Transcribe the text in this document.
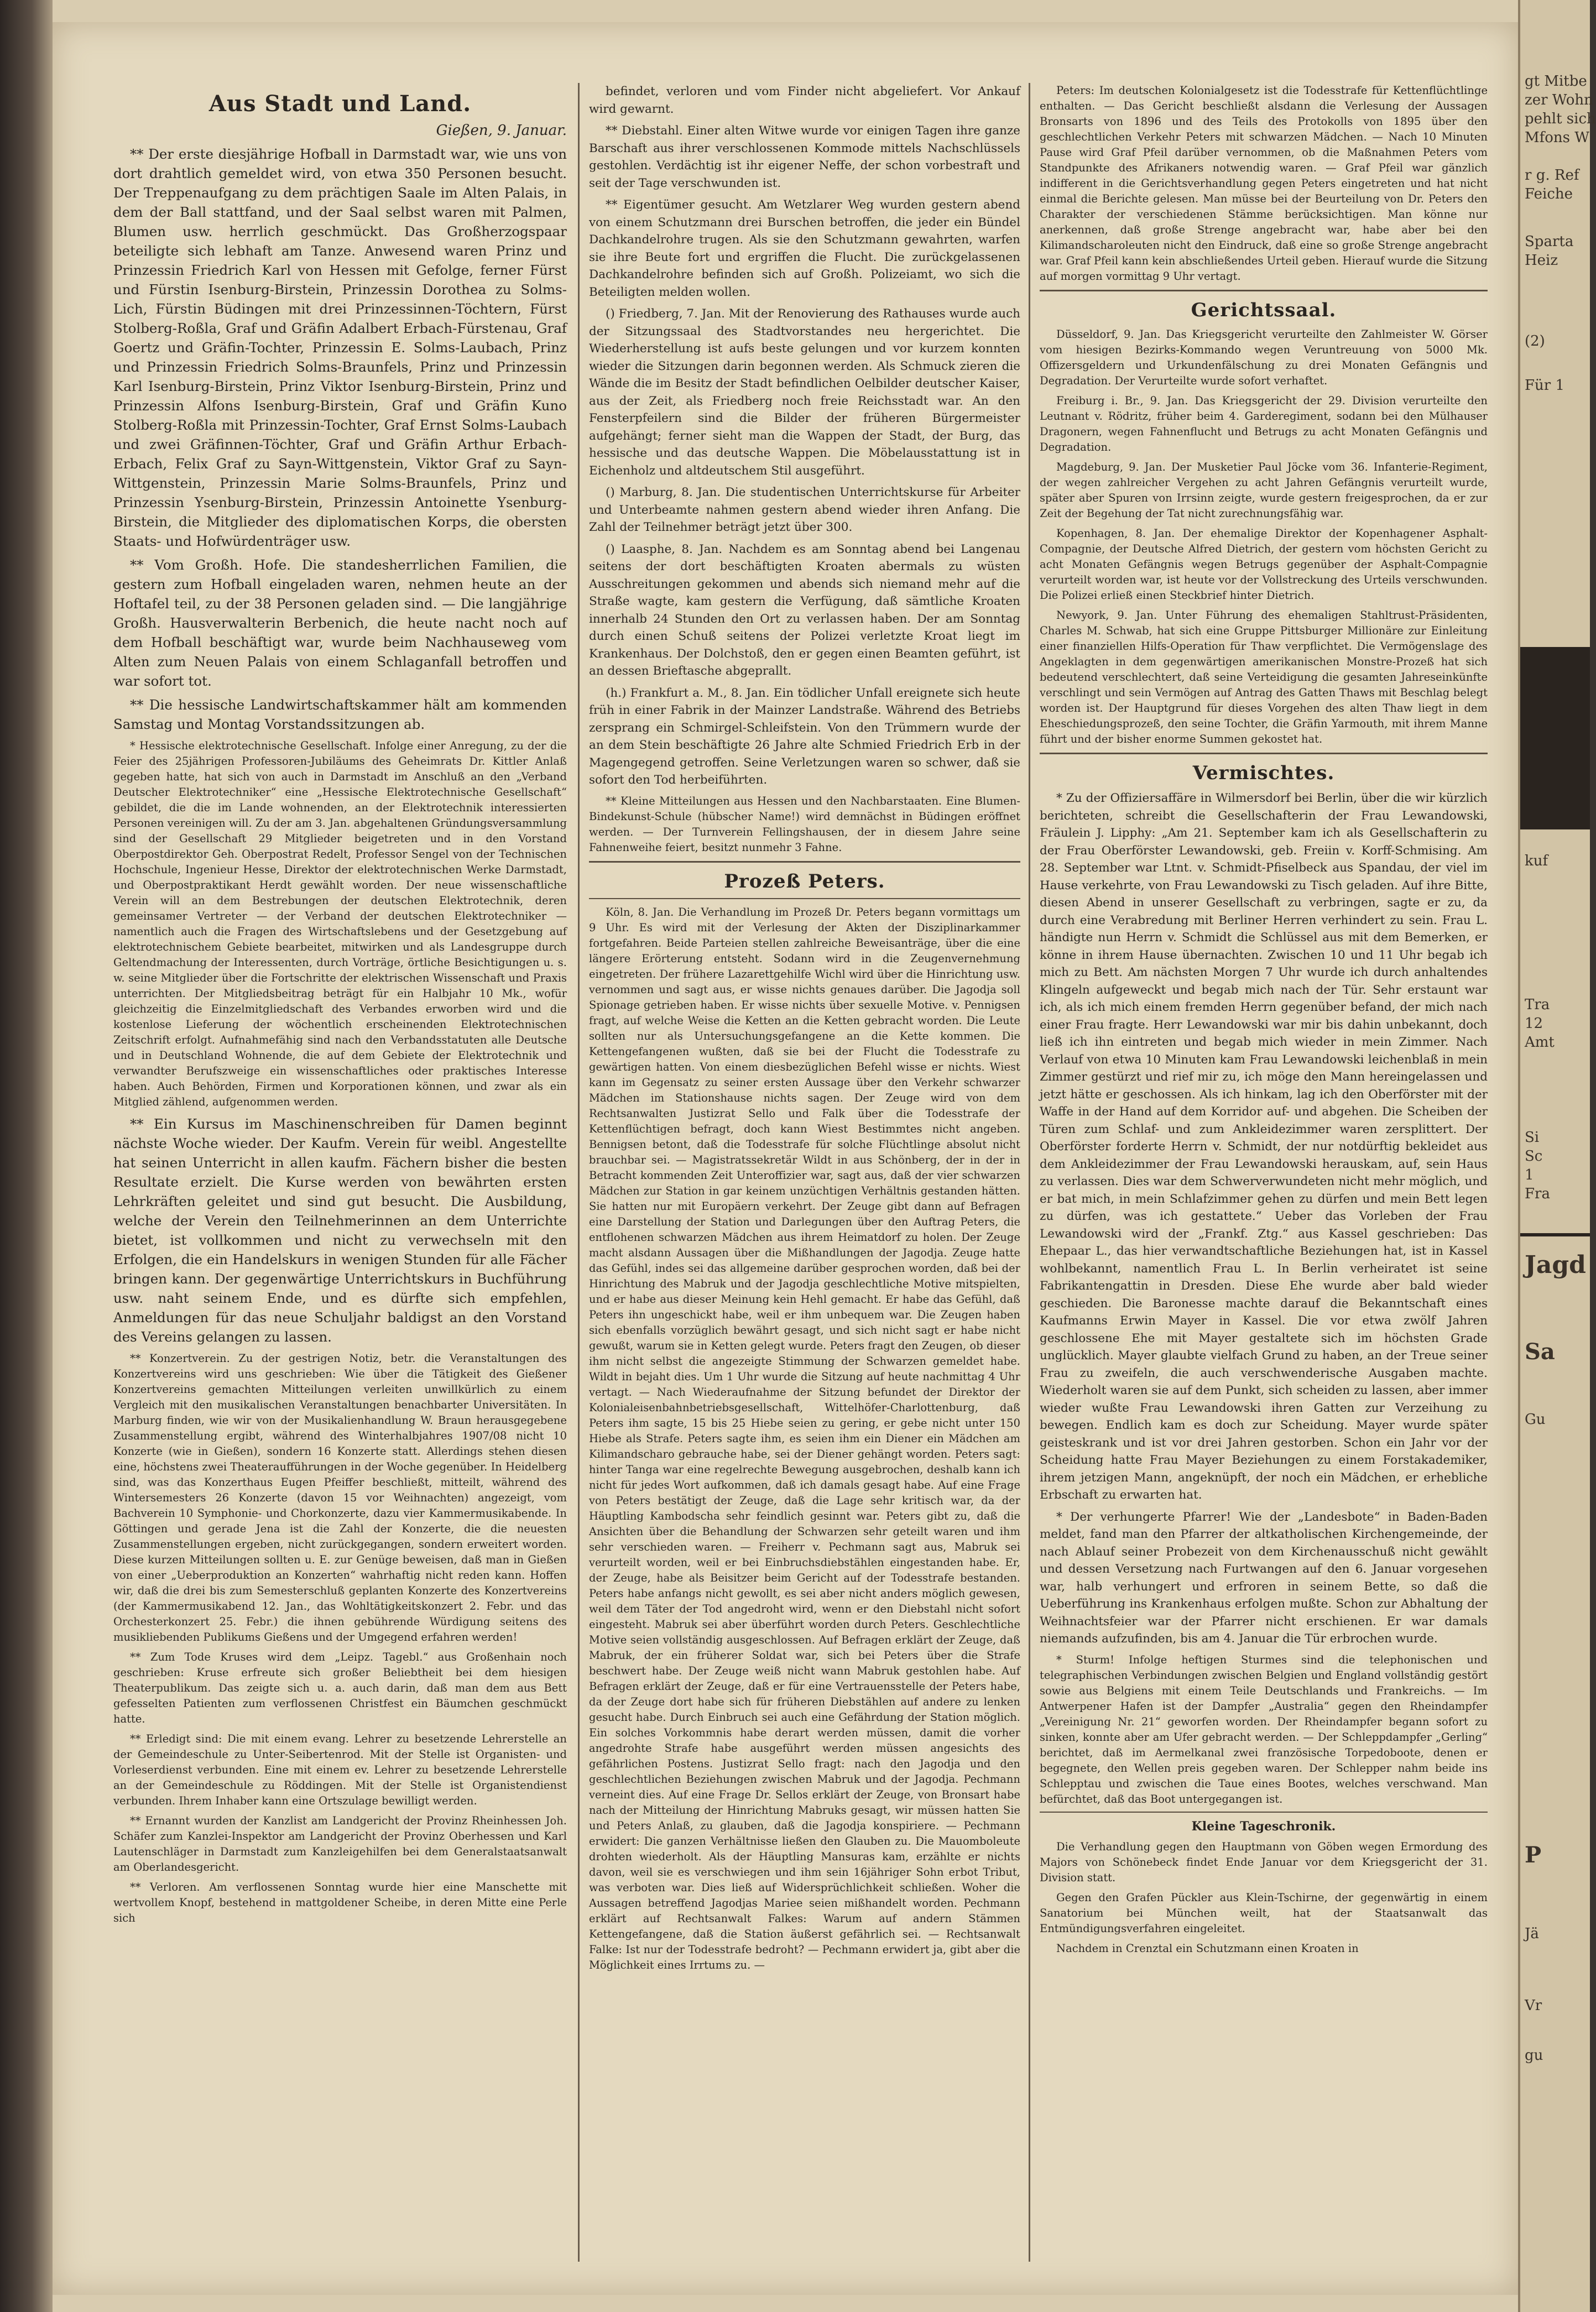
Aus Stadt und Land.
Gießen, 9. Januar.

** Der erste diesjährige Hofball in Darmstadt war, wie uns von dort drahtlich gemeldet wird, von etwa 350 Personen besucht. Der Treppenaufgang zu dem prächtigen Saale im Alten Palais, in dem der Ball stattfand, und der Saal selbst waren mit Palmen, Blumen usw. herrlich geschmückt. Das Großherzogspaar beteiligte sich lebhaft am Tanze. Anwesend waren Prinz und Prinzessin Friedrich Karl von Hessen mit Gefolge, ferner Fürst und Fürstin Isenburg-Birstein, Prinzessin Dorothea zu Solms-Lich, Fürstin Büdingen mit drei Prinzessinnen-Töchtern, Fürst Stolberg-Roßla, Graf und Gräfin Adalbert Erbach-Fürstenau, Graf Goertz und Gräfin-Tochter, Prinzessin E. Solms-Laubach, Prinz und Prinzessin Friedrich Solms-Braunfels, Prinz und Prinzessin Karl Isenburg-Birstein, Prinz Viktor Isenburg-Birstein, Prinz und Prinzessin Alfons Isenburg-Birstein, Graf und Gräfin Kuno Stolberg-Roßla mit Prinzessin-Tochter, Graf Ernst Solms-Laubach und zwei Gräfinnen-Töchter, Graf und Gräfin Arthur Erbach-Erbach, Felix Graf zu Sayn-Wittgenstein, Viktor Graf zu Sayn-Wittgenstein, Prinzessin Marie Solms-Braunfels, Prinz und Prinzessin Ysenburg-Birstein, Prinzessin Antoinette Ysenburg-Birstein, die Mitglieder des diplomatischen Korps, die obersten Staats- und Hofwürdenträger usw.

** Vom Großh. Hofe. Die standesherrlichen Familien, die gestern zum Hofball eingeladen waren, nehmen heute an der Hoftafel teil, zu der 38 Personen geladen sind. — Die langjährige Großh. Hausverwalterin Berbenich, die heute nacht noch auf dem Hofball beschäftigt war, wurde beim Nachhauseweg vom Alten zum Neuen Palais von einem Schlaganfall betroffen und war sofort tot.

** Die hessische Landwirtschaftskammer hält am kommenden Samstag und Montag Vorstandssitzungen ab.

* Hessische elektrotechnische Gesellschaft. Infolge einer Anregung, zu der die Feier des 25jährigen Professoren-Jubiläums des Geheimrats Dr. Kittler Anlaß gegeben hatte, hat sich von auch in Darmstadt im Anschluß an den „Verband Deutscher Elektrotechniker“ eine „Hessische Elektrotechnische Gesellschaft“ gebildet, die die im Lande wohnenden, an der Elektrotechnik interessierten Personen vereinigen will. Zu der am 3. Jan. abgehaltenen Gründungsversammlung sind der Gesellschaft 29 Mitglieder beigetreten und in den Vorstand Oberpostdirektor Geh. Oberpostrat Redelt, Professor Sengel von der Technischen Hochschule, Ingenieur Hesse, Direktor der elektrotechnischen Werke Darmstadt, und Oberpostpraktikant Herdt gewählt worden. Der neue wissenschaftliche Verein will an dem Bestrebungen der deutschen Elektrotechnik, deren gemeinsamer Vertreter — der Verband der deutschen Elektrotechniker — namentlich auch die Fragen des Wirtschaftslebens und der Gesetzgebung auf elektrotechnischem Gebiete bearbeitet, mitwirken und als Landesgruppe durch Geltendmachung der Interessenten, durch Vorträge, örtliche Besichtigungen u. s. w. seine Mitglieder über die Fortschritte der elektrischen Wissenschaft und Praxis unterrichten. Der Mitgliedsbeitrag beträgt für ein Halbjahr 10 Mk., wofür gleichzeitig die Einzelmitgliedschaft des Verbandes erworben wird und die kostenlose Lieferung der wöchentlich erscheinenden Elektrotechnischen Zeitschrift erfolgt. Aufnahmefähig sind nach den Verbandsstatuten alle Deutsche und in Deutschland Wohnende, die auf dem Gebiete der Elektrotechnik und verwandter Berufszweige ein wissenschaftliches oder praktisches Interesse haben. Auch Behörden, Firmen und Korporationen können, und zwar als ein Mitglied zählend, aufgenommen werden.

** Ein Kursus im Maschinenschreiben für Damen beginnt nächste Woche wieder. Der Kaufm. Verein für weibl. Angestellte hat seinen Unterricht in allen kaufm. Fächern bisher die besten Resultate erzielt. Die Kurse werden von bewährten ersten Lehrkräften geleitet und sind gut besucht. Die Ausbildung, welche der Verein den Teilnehmerinnen an dem Unterrichte bietet, ist vollkommen und nicht zu verwechseln mit den Erfolgen, die ein Handelskurs in wenigen Stunden für alle Fächer bringen kann. Der gegenwärtige Unterrichtskurs in Buchführung usw. naht seinem Ende, und es dürfte sich empfehlen, Anmeldungen für das neue Schuljahr baldigst an den Vorstand des Vereins gelangen zu lassen.

** Konzertverein. Zu der gestrigen Notiz, betr. die Veranstaltungen des Konzertvereins wird uns geschrieben: Wie über die Tätigkeit des Gießener Konzertvereins gemachten Mitteilungen verleiten unwillkürlich zu einem Vergleich mit den musikalischen Veranstaltungen benachbarter Universitäten. In Marburg finden, wie wir von der Musikalienhandlung W. Braun herausgegebene Zusammenstellung ergibt, während des Winterhalbjahres 1907/08 nicht 10 Konzerte (wie in Gießen), sondern 16 Konzerte statt. Allerdings stehen diesen eine, höchstens zwei Theateraufführungen in der Woche gegenüber. In Heidelberg sind, was das Konzerthaus Eugen Pfeiffer beschließt, mitteilt, während des Wintersemesters 26 Konzerte (davon 15 vor Weihnachten) angezeigt, vom Bachverein 10 Symphonie- und Chorkonzerte, dazu vier Kammermusikabende. In Göttingen und gerade Jena ist die Zahl der Konzerte, die die neuesten Zusammenstellungen ergeben, nicht zurückgegangen, sondern erweitert worden. Diese kurzen Mitteilungen sollten u. E. zur Genüge beweisen, daß man in Gießen von einer „Ueberproduktion an Konzerten“ wahrhaftig nicht reden kann. Hoffen wir, daß die drei bis zum Semesterschluß geplanten Konzerte des Konzertvereins (der Kammermusikabend 12. Jan., das Wohltätigkeitskonzert 2. Febr. und das Orchesterkonzert 25. Febr.) die ihnen gebührende Würdigung seitens des musikliebenden Publikums Gießens und der Umgegend erfahren werden!

** Zum Tode Kruses wird dem „Leipz. Tagebl.“ aus Großenhain noch geschrieben: Kruse erfreute sich großer Beliebtheit bei dem hiesigen Theaterpublikum. Das zeigte sich u. a. auch darin, daß man dem aus Bett gefesselten Patienten zum verflossenen Christfest ein Bäumchen geschmückt hatte.

** Erledigt sind: Die mit einem evang. Lehrer zu besetzende Lehrerstelle an der Gemeindeschule zu Unter-Seibertenrod. Mit der Stelle ist Organisten- und Vorleserdienst verbunden. Eine mit einem ev. Lehrer zu besetzende Lehrerstelle an der Gemeindeschule zu Röddingen. Mit der Stelle ist Organistendienst verbunden. Ihrem Inhaber kann eine Ortszulage bewilligt werden.

** Ernannt wurden der Kanzlist am Landgericht der Provinz Rheinhessen Joh. Schäfer zum Kanzlei-Inspektor am Landgericht der Provinz Oberhessen und Karl Lautenschläger in Darmstadt zum Kanzleigehilfen bei dem Generalstaatsanwalt am Oberlandesgericht.

** Verloren. Am verflossenen Sonntag wurde hier eine Manschette mit wertvollem Knopf, bestehend in mattgoldener Scheibe, in deren Mitte eine Perle sich

befindet, verloren und vom Finder nicht abgeliefert. Vor Ankauf wird gewarnt.

** Diebstahl. Einer alten Witwe wurde vor einigen Tagen ihre ganze Barschaft aus ihrer verschlossenen Kommode mittels Nachschlüssels gestohlen. Verdächtig ist ihr eigener Neffe, der schon vorbestraft und seit der Tage verschwunden ist.

** Eigentümer gesucht. Am Wetzlarer Weg wurden gestern abend von einem Schutzmann drei Burschen betroffen, die jeder ein Bündel Dachkandelrohre trugen. Als sie den Schutzmann gewahrten, warfen sie ihre Beute fort und ergriffen die Flucht. Die zurückgelassenen Dachkandelrohre befinden sich auf Großh. Polizeiamt, wo sich die Beteiligten melden wollen.

() Friedberg, 7. Jan. Mit der Renovierung des Rathauses wurde auch der Sitzungssaal des Stadtvorstandes neu hergerichtet. Die Wiederherstellung ist aufs beste gelungen und vor kurzem konnten wieder die Sitzungen darin begonnen werden. Als Schmuck zieren die Wände die im Besitz der Stadt befindlichen Oelbilder deutscher Kaiser, aus der Zeit, als Friedberg noch freie Reichsstadt war. An den Fensterpfeilern sind die Bilder der früheren Bürgermeister aufgehängt; ferner sieht man die Wappen der Stadt, der Burg, das hessische und das deutsche Wappen. Die Möbelausstattung ist in Eichenholz und altdeutschem Stil ausgeführt.

() Marburg, 8. Jan. Die studentischen Unterrichtskurse für Arbeiter und Unterbeamte nahmen gestern abend wieder ihren Anfang. Die Zahl der Teilnehmer beträgt jetzt über 300.

() Laasphe, 8. Jan. Nachdem es am Sonntag abend bei Langenau seitens der dort beschäftigten Kroaten abermals zu wüsten Ausschreitungen gekommen und abends sich niemand mehr auf die Straße wagte, kam gestern die Verfügung, daß sämtliche Kroaten innerhalb 24 Stunden den Ort zu verlassen haben. Der am Sonntag durch einen Schuß seitens der Polizei verletzte Kroat liegt im Krankenhaus. Der Dolchstoß, den er gegen einen Beamten geführt, ist an dessen Brieftasche abgeprallt.

(h.) Frankfurt a. M., 8. Jan. Ein tödlicher Unfall ereignete sich heute früh in einer Fabrik in der Mainzer Landstraße. Während des Betriebs zersprang ein Schmirgel-Schleifstein. Von den Trümmern wurde der an dem Stein beschäftigte 26 Jahre alte Schmied Friedrich Erb in der Magengegend getroffen. Seine Verletzungen waren so schwer, daß sie sofort den Tod herbeiführten.

** Kleine Mitteilungen aus Hessen und den Nachbarstaaten. Eine Blumen-Bindekunst-Schule (hübscher Name!) wird demnächst in Büdingen eröffnet werden. — Der Turnverein Fellingshausen, der in diesem Jahre seine Fahnenweihe feiert, besitzt nunmehr 3 Fahne.

Prozeß Peters.

Köln, 8. Jan. Die Verhandlung im Prozeß Dr. Peters begann vormittags um 9 Uhr. Es wird mit der Verlesung der Akten der Disziplinarkammer fortgefahren. Beide Parteien stellen zahlreiche Beweisanträge, über die eine längere Erörterung entsteht. Sodann wird in die Zeugenvernehmung eingetreten. Der frühere Lazarettgehilfe Wichl wird über die Hinrichtung usw. vernommen und sagt aus, er wisse nichts genaues darüber. Die Jagodja soll Spionage getrieben haben. Er wisse nichts über sexuelle Motive. v. Pennigsen fragt, auf welche Weise die Ketten an die Ketten gebracht worden. Die Leute sollten nur als Untersuchungsgefangene an die Kette kommen. Die Kettengefangenen wußten, daß sie bei der Flucht die Todesstrafe zu gewärtigen hatten. Von einem diesbezüglichen Befehl wisse er nichts. Wiest kann im Gegensatz zu seiner ersten Aussage über den Verkehr schwarzer Mädchen im Stationshause nichts sagen. Der Zeuge wird von dem Rechtsanwalten Justizrat Sello und Falk über die Todesstrafe der Kettenflüchtigen befragt, doch kann Wiest Bestimmtes nicht angeben. Bennigsen betont, daß die Todesstrafe für solche Flüchtlinge absolut nicht brauchbar sei. — Magistratssekretär Wildt in aus Schönberg, der in der in Betracht kommenden Zeit Unteroffizier war, sagt aus, daß der vier schwarzen Mädchen zur Station in gar keinem unzüchtigen Verhältnis gestanden hätten. Sie hatten nur mit Europäern verkehrt. Der Zeuge gibt dann auf Befragen eine Darstellung der Station und Darlegungen über den Auftrag Peters, die entflohenen schwarzen Mädchen aus ihrem Heimatdorf zu holen. Der Zeuge macht alsdann Aussagen über die Mißhandlungen der Jagodja. Zeuge hatte das Gefühl, indes sei das allgemeine darüber gesprochen worden, daß bei der Hinrichtung des Mabruk und der Jagodja geschlechtliche Motive mitspielten, und er habe aus dieser Meinung kein Hehl gemacht. Er habe das Gefühl, daß Peters ihn ungeschickt habe, weil er ihm unbequem war. Die Zeugen haben sich ebenfalls vorzüglich bewährt gesagt, und sich nicht sagt er habe nicht gewußt, warum sie in Ketten gelegt wurde. Peters fragt den Zeugen, ob dieser ihm nicht selbst die angezeigte Stimmung der Schwarzen gemeldet habe. Wildt in bejaht dies. Um 1 Uhr wurde die Sitzung auf heute nachmittag 4 Uhr vertagt. — Nach Wiederaufnahme der Sitzung befundet der Direktor der Kolonialeisenbahnbetriebsgesellschaft, Wittelhöfer-Charlottenburg, daß Peters ihm sagte, 15 bis 25 Hiebe seien zu gering, er gebe nicht unter 150 Hiebe als Strafe. Peters sagte ihm, es seien ihm ein Diener ein Mädchen am Kilimandscharo gebrauche habe, sei der Diener gehängt worden. Peters sagt: hinter Tanga war eine regelrechte Bewegung ausgebrochen, deshalb kann ich nicht für jedes Wort aufkommen, daß ich damals gesagt habe. Auf eine Frage von Peters bestätigt der Zeuge, daß die Lage sehr kritisch war, da der Häuptling Kambodscha sehr feindlich gesinnt war. Peters gibt zu, daß die Ansichten über die Behandlung der Schwarzen sehr geteilt waren und ihm sehr verschieden waren. — Freiherr v. Pechmann sagt aus, Mabruk sei verurteilt worden, weil er bei Einbruchsdiebstählen eingestanden habe. Er, der Zeuge, habe als Beisitzer beim Gericht auf der Todesstrafe bestanden. Peters habe anfangs nicht gewollt, es sei aber nicht anders möglich gewesen, weil dem Täter der Tod angedroht wird, wenn er den Diebstahl nicht sofort eingesteht. Mabruk sei aber überführt worden durch Peters. Geschlechtliche Motive seien vollständig ausgeschlossen. Auf Befragen erklärt der Zeuge, daß Mabruk, der ein früherer Soldat war, sich bei Peters über die Strafe beschwert habe. Der Zeuge weiß nicht wann Mabruk gestohlen habe. Auf Befragen erklärt der Zeuge, daß er für eine Vertrauensstelle der Peters habe, da der Zeuge dort habe sich für früheren Diebstählen auf andere zu lenken gesucht habe. Durch Einbruch sei auch eine Gefährdung der Station möglich. Ein solches Vorkommnis habe derart werden müssen, damit die vorher angedrohte Strafe habe ausgeführt werden müssen angesichts des gefährlichen Postens. Justizrat Sello fragt: nach den Jagodja und den geschlechtlichen Beziehungen zwischen Mabruk und der Jagodja. Pechmann verneint dies. Auf eine Frage Dr. Sellos erklärt der Zeuge, von Bronsart habe nach der Mitteilung der Hinrichtung Mabruks gesagt, wir müssen hatten Sie und Peters Anlaß, zu glauben, daß die Jagodja konspiriere. — Pechmann erwidert: Die ganzen Verhältnisse ließen den Glauben zu. Die Mauomboleute drohten wiederholt. Als der Häuptling Mansuras kam, erzählte er nichts davon, weil sie es verschwiegen und ihm sein 16jähriger Sohn erbot Tribut, was verboten war. Dies ließ auf Widersprüchlichkeit schließen. Woher die Aussagen betreffend Jagodjas Mariee seien mißhandelt worden. Pechmann erklärt auf Rechtsanwalt Falkes: Warum auf andern Stämmen Kettengefangene, daß die Station äußerst gefährlich sei. — Rechtsanwalt Falke: Ist nur der Todesstrafe bedroht? — Pechmann erwidert ja, gibt aber die Möglichkeit eines Irrtums zu. —

Peters: Im deutschen Kolonialgesetz ist die Todesstrafe für Kettenflüchtlinge enthalten. — Das Gericht beschließt alsdann die Verlesung der Aussagen Bronsarts von 1896 und des Teils des Protokolls von 1895 über den geschlechtlichen Verkehr Peters mit schwarzen Mädchen. — Nach 10 Minuten Pause wird Graf Pfeil darüber vernommen, ob die Maßnahmen Peters vom Standpunkte des Afrikaners notwendig waren. — Graf Pfeil war gänzlich indifferent in die Gerichtsverhandlung gegen Peters eingetreten und hat nicht einmal die Berichte gelesen. Man müsse bei der Beurteilung von Dr. Peters den Charakter der verschiedenen Stämme berücksichtigen. Man könne nur anerkennen, daß große Strenge angebracht war, habe aber bei den Kilimandscharoleuten nicht den Eindruck, daß eine so große Strenge angebracht war. Graf Pfeil kann kein abschließendes Urteil geben. Hierauf wurde die Sitzung auf morgen vormittag 9 Uhr vertagt.

Gerichtssaal.

Düsseldorf, 9. Jan. Das Kriegsgericht verurteilte den Zahlmeister W. Görser vom hiesigen Bezirks-Kommando wegen Veruntreuung von 5000 Mk. Offizersgeldern und Urkundenfälschung zu drei Monaten Gefängnis und Degradation. Der Verurteilte wurde sofort verhaftet.

Freiburg i. Br., 9. Jan. Das Kriegsgericht der 29. Division verurteilte den Leutnant v. Rödritz, früher beim 4. Garderegiment, sodann bei den Mülhauser Dragonern, wegen Fahnenflucht und Betrugs zu acht Monaten Gefängnis und Degradation.

Magdeburg, 9. Jan. Der Musketier Paul Jöcke vom 36. Infanterie-Regiment, der wegen zahlreicher Vergehen zu acht Jahren Gefängnis verurteilt wurde, später aber Spuren von Irrsinn zeigte, wurde gestern freigesprochen, da er zur Zeit der Begehung der Tat nicht zurechnungsfähig war.

Kopenhagen, 8. Jan. Der ehemalige Direktor der Kopenhagener Asphalt-Compagnie, der Deutsche Alfred Dietrich, der gestern vom höchsten Gericht zu acht Monaten Gefängnis wegen Betrugs gegenüber der Asphalt-Compagnie verurteilt worden war, ist heute vor der Vollstreckung des Urteils verschwunden. Die Polizei erließ einen Steckbrief hinter Dietrich.

Newyork, 9. Jan. Unter Führung des ehemaligen Stahltrust-Präsidenten, Charles M. Schwab, hat sich eine Gruppe Pittsburger Millionäre zur Einleitung einer finanziellen Hilfs-Operation für Thaw verpflichtet. Die Vermögenslage des Angeklagten in dem gegenwärtigen amerikanischen Monstre-Prozeß hat sich bedeutend verschlechtert, daß seine Verteidigung die gesamten Jahreseinkünfte verschlingt und sein Vermögen auf Antrag des Gatten Thaws mit Beschlag belegt worden ist. Der Hauptgrund für dieses Vorgehen des alten Thaw liegt in dem Eheschiedungsprozeß, den seine Tochter, die Gräfin Yarmouth, mit ihrem Manne führt und der bisher enorme Summen gekostet hat.

Vermischtes.

* Zu der Offiziersaffäre in Wilmersdorf bei Berlin, über die wir kürzlich berichteten, schreibt die Gesellschafterin der Frau Lewandowski, Fräulein J. Lipphy: „Am 21. September kam ich als Gesellschafterin zu der Frau Oberförster Lewandowski, geb. Freiin v. Korff-Schmising. Am 28. September war Ltnt. v. Schmidt-Pfiselbeck aus Spandau, der viel im Hause verkehrte, von Frau Lewandowski zu Tisch geladen. Auf ihre Bitte, diesen Abend in unserer Gesellschaft zu verbringen, sagte er zu, da durch eine Verabredung mit Berliner Herren verhindert zu sein. Frau L. händigte nun Herrn v. Schmidt die Schlüssel aus mit dem Bemerken, er könne in ihrem Hause übernachten. Zwischen 10 und 11 Uhr begab ich mich zu Bett. Am nächsten Morgen 7 Uhr wurde ich durch anhaltendes Klingeln aufgeweckt und begab mich nach der Tür. Sehr erstaunt war ich, als ich mich einem fremden Herrn gegenüber befand, der mich nach einer Frau fragte. Herr Lewandowski war mir bis dahin unbekannt, doch ließ ich ihn eintreten und begab mich wieder in mein Zimmer. Nach Verlauf von etwa 10 Minuten kam Frau Lewandowski leichenblaß in mein Zimmer gestürzt und rief mir zu, ich möge den Mann hereingelassen und jetzt hätte er geschossen. Als ich hinkam, lag ich den Oberförster mit der Waffe in der Hand auf dem Korridor auf- und abgehen. Die Scheiben der Türen zum Schlaf- und zum Ankleidezimmer waren zersplittert. Der Oberförster forderte Herrn v. Schmidt, der nur notdürftig bekleidet aus dem Ankleidezimmer der Frau Lewandowski herauskam, auf, sein Haus zu verlassen. Dies war dem Schwerverwundeten nicht mehr möglich, und er bat mich, in mein Schlafzimmer gehen zu dürfen und mein Bett legen zu dürfen, was ich gestattete.“ Ueber das Vorleben der Frau Lewandowski wird der „Frankf. Ztg.“ aus Kassel geschrieben: Das Ehepaar L., das hier verwandtschaftliche Beziehungen hat, ist in Kassel wohlbekannt, namentlich Frau L. In Berlin verheiratet ist seine Fabrikantengattin in Dresden. Diese Ehe wurde aber bald wieder geschieden. Die Baronesse machte darauf die Bekanntschaft eines Kaufmanns Erwin Mayer in Kassel. Die vor etwa zwölf Jahren geschlossene Ehe mit Mayer gestaltete sich im höchsten Grade unglücklich. Mayer glaubte vielfach Grund zu haben, an der Treue seiner Frau zu zweifeln, die auch verschwenderische Ausgaben machte. Wiederholt waren sie auf dem Punkt, sich scheiden zu lassen, aber immer wieder wußte Frau Lewandowski ihren Gatten zur Verzeihung zu bewegen. Endlich kam es doch zur Scheidung. Mayer wurde später geisteskrank und ist vor drei Jahren gestorben. Schon ein Jahr vor der Scheidung hatte Frau Mayer Beziehungen zu einem Forstakademiker, ihrem jetzigen Mann, angeknüpft, der noch ein Mädchen, er erhebliche Erbschaft zu erwarten hat.

* Der verhungerte Pfarrer! Wie der „Landesbote“ in Baden-Baden meldet, fand man den Pfarrer der altkatholischen Kirchengemeinde, der nach Ablauf seiner Probezeit von dem Kirchenausschuß nicht gewählt und dessen Versetzung nach Furtwangen auf den 6. Januar vorgesehen war, halb verhungert und erfroren in seinem Bette, so daß die Ueberführung ins Krankenhaus erfolgen mußte. Schon zur Abhaltung der Weihnachtsfeier war der Pfarrer nicht erschienen. Er war damals niemands aufzufinden, bis am 4. Januar die Tür erbrochen wurde.

* Sturm! Infolge heftigen Sturmes sind die telephonischen und telegraphischen Verbindungen zwischen Belgien und England vollständig gestört sowie aus Belgiens mit einem Teile Deutschlands und Frankreichs. — Im Antwerpener Hafen ist der Dampfer „Australia“ gegen den Rheindampfer „Vereinigung Nr. 21“ geworfen worden. Der Rheindampfer begann sofort zu sinken, konnte aber am Ufer gebracht werden. — Der Schleppdampfer „Gerling“ berichtet, daß im Aermelkanal zwei französische Torpedoboote, denen er begegnete, den Wellen preis gegeben waren. Der Schlepper nahm beide ins Schlepptau und zwischen die Taue eines Bootes, welches verschwand. Man befürchtet, daß das Boot untergegangen ist.

Kleine Tageschronik.

Die Verhandlung gegen den Hauptmann von Göben wegen Ermordung des Majors von Schönebeck findet Ende Januar vor dem Kriegsgericht der 31. Division statt.

Gegen den Grafen Pückler aus Klein-Tschirne, der gegenwärtig in einem Sanatorium bei München weilt, hat der Staatsanwalt das Entmündigungsverfahren eingeleitet.

Nachdem in Crenztal ein Schutzmann einen Kroaten in

gt Mitbe
zer Wohn
pehlt sich
Mfons W
r g. Ref
Feiche
Sparta
Heiz
(2)
Für 1
kuf
Tra
12
Amt
Si
Sc
1
Fra
Jagd
Sa
Gu
P
Jä
Vr
gu
